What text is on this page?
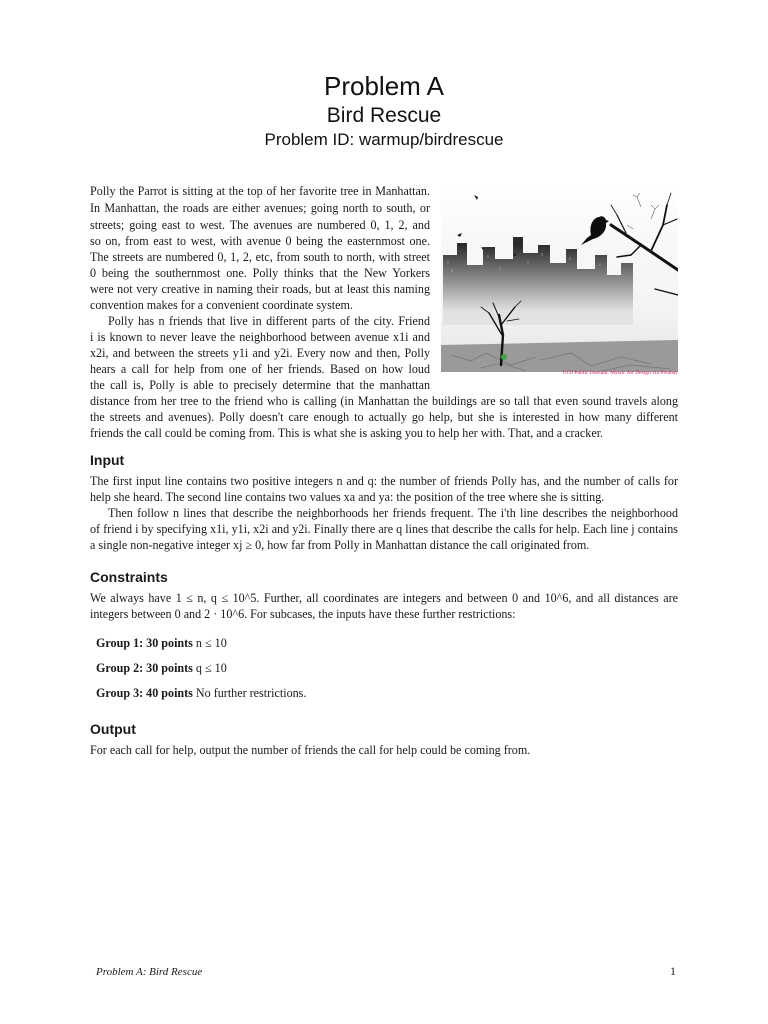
Problem A
Bird Rescue
Problem ID: warmup/birdrescue
Polly the Parrot is sitting at the top of her favorite tree in Manhattan.
In Manhattan, the roads are either avenues; going north to south, or
streets; going east to west. The avenues are numbered 0, 1, 2, and
so on, from east to west, with avenue 0 being the easternmost one.
The streets are numbered 0, 1, 2, etc, from south to north, with street
0 being the southernmost one. Polly thinks that the New Yorkers
were not very creative in naming their roads, but at least this naming
convention makes for a convenient coordinate system.
Polly has n friends that live in different parts of the city. Friend
i is known to never leave the neighborhood between avenue x1i and
x2i, and between the streets y1i and y2i. Every now and then, Polly
hears a call for help from one of her friends. Based on how loud
the call is, Polly is able to precisely determine that the manhattan
distance from her tree to the friend who is calling (in Manhattan the buildings are so tall that even sound travels along
the streets and avenues). Polly doesn't care enough to actually go help, but she is interested in how many different
friends the call could be coming from. This is what she is asking you to help her with. That, and a cracker.
CC0 Public Domain, Mystic Art Design via Pixabay
Input
The first input line contains two positive integers n and q: the number of friends Polly has, and the number of calls for
help she heard. The second line contains two values xa and ya: the position of the tree where she is sitting.
Then follow n lines that describe the neighborhoods her friends frequent. The i'th line describes the neighborhood
of friend i by specifying x1i, y1i, x2i and y2i. Finally there are q lines that describe the calls for help. Each line j contains
a single non-negative integer xj ≥ 0, how far from Polly in Manhattan distance the call originated from.
Constraints
We always have 1 ≤ n, q ≤ 10^5. Further, all coordinates are integers and between 0 and 10^6, and all distances are
integers between 0 and 2 · 10^6. For subcases, the inputs have these further restrictions:
Group 1: 30 points n ≤ 10
Group 2: 30 points q ≤ 10
Group 3: 40 points No further restrictions.
Output
For each call for help, output the number of friends the call for help could be coming from.
Problem A: Bird Rescue	1
